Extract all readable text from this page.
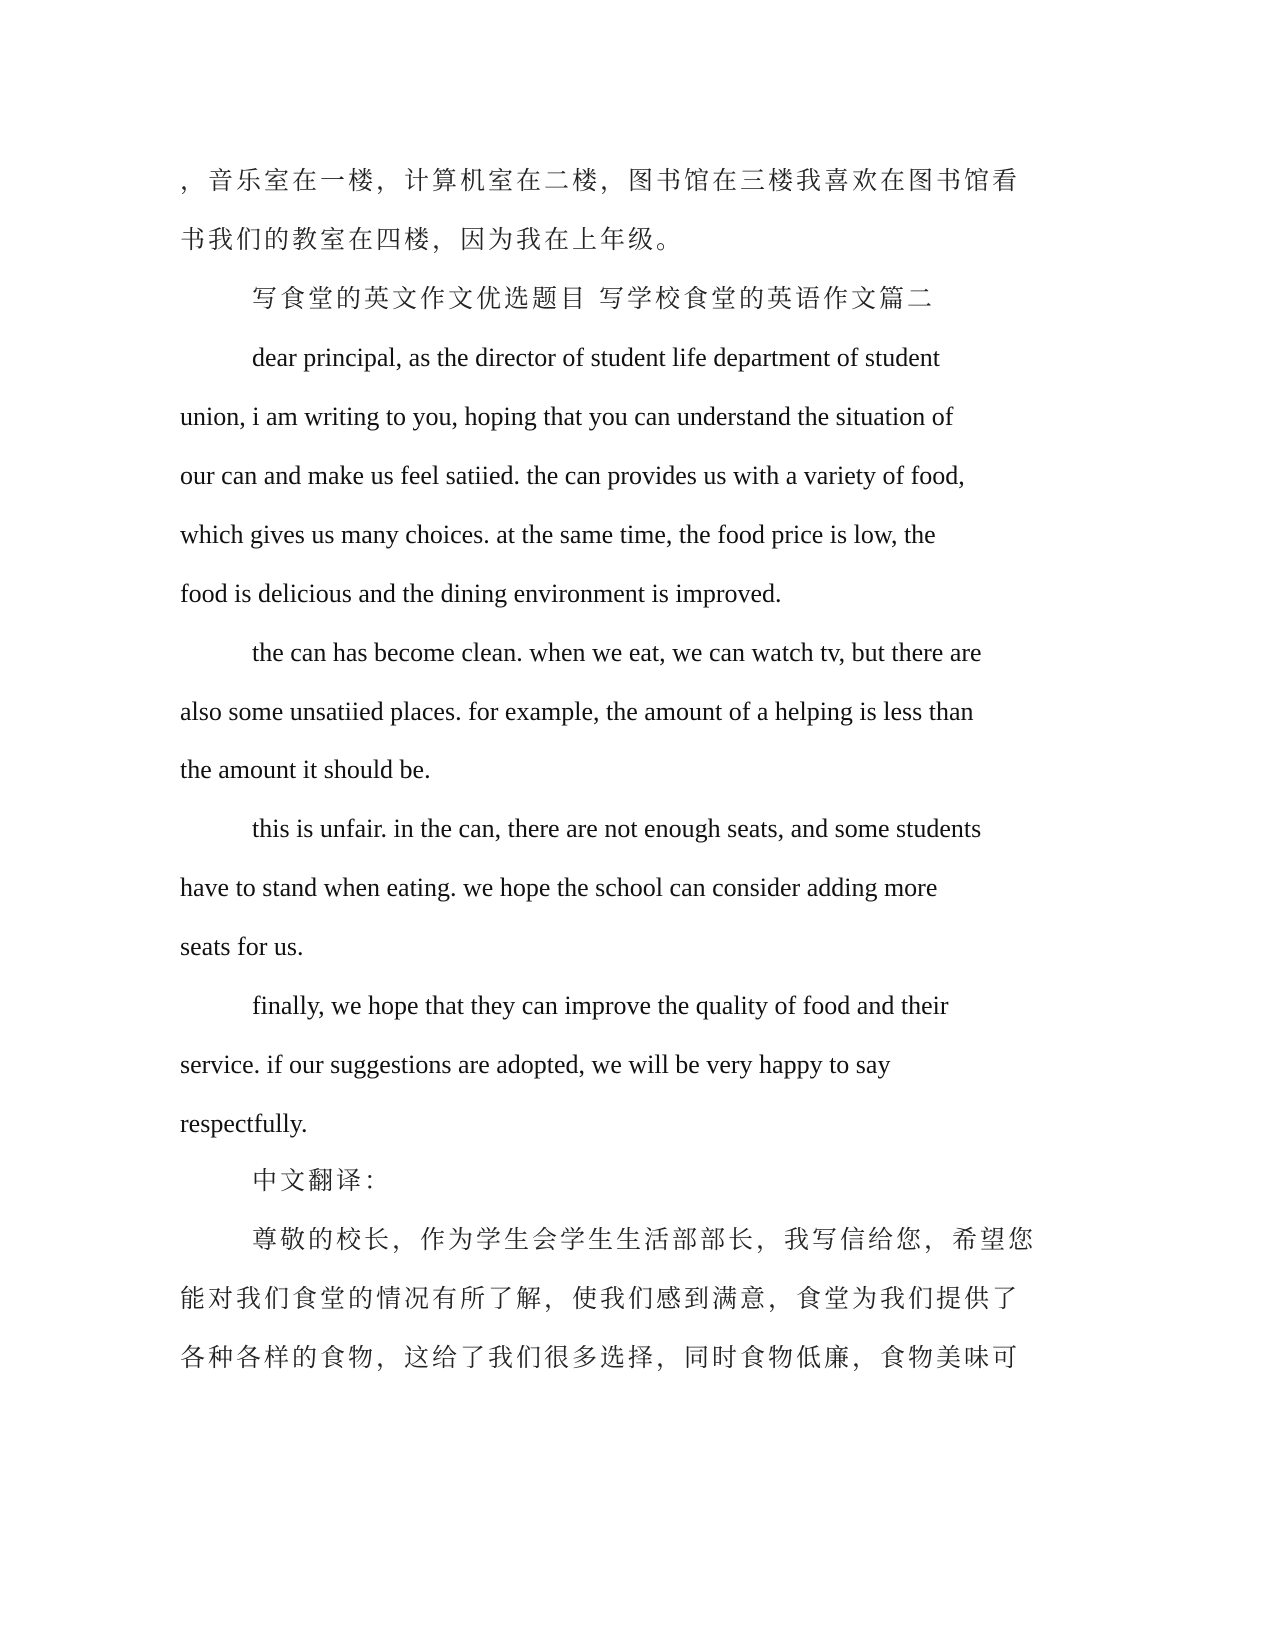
，音乐室在一楼，计算机室在二楼，图书馆在三楼我喜欢在图书馆看

书我们的教室在四楼，因为我在上年级。

写食堂的英文作文优选题目 写学校食堂的英语作文篇二

dear principal, as the director of student life department of student

union, i am writing to you, hoping that you can understand the situation of

our can and make us feel satiied. the can provides us with a variety of food,

which gives us many choices. at the same time, the food price is low, the

food is delicious and the dining environment is improved.

the can has become clean. when we eat, we can watch tv, but there are

also some unsatiied places. for example, the amount of a helping is less than

the amount it should be.

this is unfair. in the can, there are not enough seats, and some students

have to stand when eating. we hope the school can consider adding more

seats for us.

finally, we hope that they can improve the quality of food and their

service. if our suggestions are adopted, we will be very happy to say

respectfully.

中文翻译：

尊敬的校长，作为学生会学生生活部部长，我写信给您，希望您

能对我们食堂的情况有所了解，使我们感到满意，食堂为我们提供了

各种各样的食物，这给了我们很多选择，同时食物低廉，食物美味可
